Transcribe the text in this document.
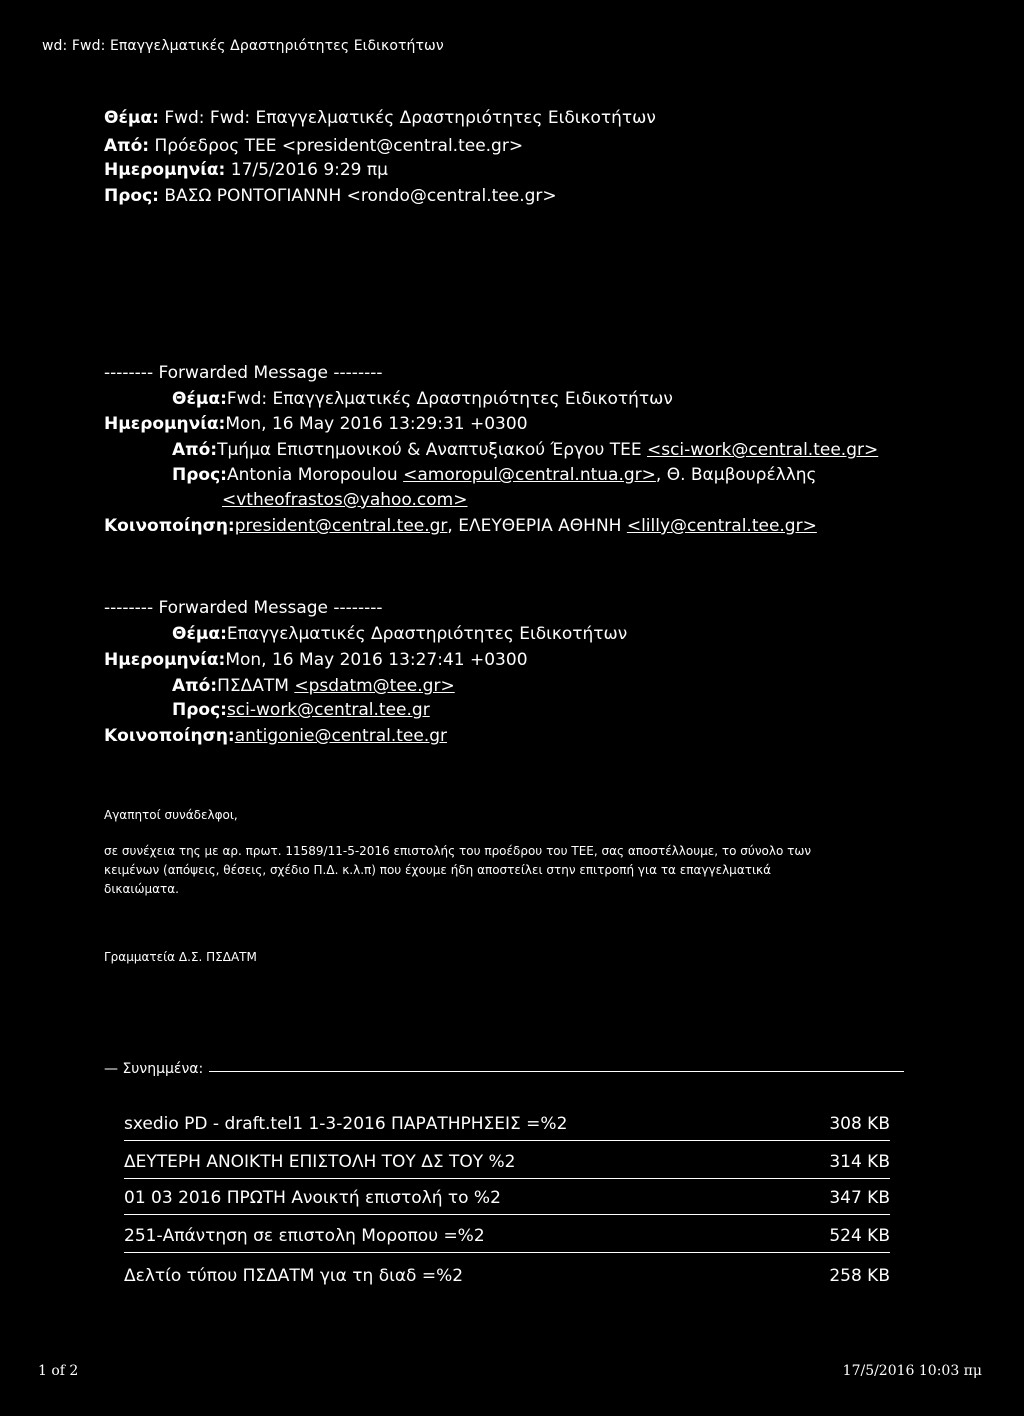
wd: Fwd: Επαγγελματικές Δραστηριότητες Ειδικοτήτων
Θέμα: Fwd: Fwd: Επαγγελματικές Δραστηριότητες Ειδικοτήτων
Από: Πρόεδρος ΤΕΕ <president@central.tee.gr>
Ημερομηνία: 17/5/2016 9:29 πμ
Προς: ΒΑΣΩ ΡΟΝΤΟΓΙΑΝΝΗ <rondo@central.tee.gr>
-------- Forwarded Message --------
Θέμα:Fwd: Επαγγελματικές Δραστηριότητες Ειδικοτήτων
Ημερομηνία:Mon, 16 May 2016 13:29:31 +0300
Από:Τμήμα Επιστημονικού & Αναπτυξιακού Έργου ΤΕΕ <sci-work@central.tee.gr>
Προς:Antonia Moropoulou <amoropul@central.ntua.gr>, Θ. Βαμβουρέλλης
<vtheofrastos@yahoo.com>
Κοινοποίηση:president@central.tee.gr, ΕΛΕΥΘΕΡΙΑ ΑΘΗΝΗ <lilly@central.tee.gr>
-------- Forwarded Message --------
Θέμα:Επαγγελματικές Δραστηριότητες Ειδικοτήτων
Ημερομηνία:Mon, 16 May 2016 13:27:41 +0300
Από:ΠΣΔΑΤΜ <psdatm@tee.gr>
Προς:sci-work@central.tee.gr
Κοινοποίηση:antigonie@central.tee.gr
Αγαπητοί συνάδελφοι,
σε συνέχεια της με αρ. πρωτ. 11589/11-5-2016 επιστολής του προέδρου του ΤΕΕ, σας αποστέλλουμε, το σύνολο των
κειμένων (απόψεις, θέσεις, σχέδιο Π.Δ. κ.λ.π) που έχουμε ήδη αποστείλει στην επιτροπή για τα επαγγελματικά
δικαιώματα.
Γραμματεία Δ.Σ. ΠΣΔΑΤΜ
— Συνημμένα:
sxedio PD - draft.tel1 1-3-2016 ΠΑΡΑΤΗΡΗΣΕΙΣ =%2	308 KB
ΔΕΥΤΕΡΗ ΑΝΟΙΚΤΗ ΕΠΙΣΤΟΛΗ ΤΟΥ ΔΣ ΤΟΥ %2	314 KB
01 03 2016 ΠΡΩΤΗ Ανοικτή επιστολή το %2	347 KB
251-Απάντηση σε επιστολη Μοροπου =%2	524 KB
Δελτίο τύπου ΠΣΔΑΤΜ για τη διαδ =%2	258 KB
1 of 2	17/5/2016 10:03 πμ
